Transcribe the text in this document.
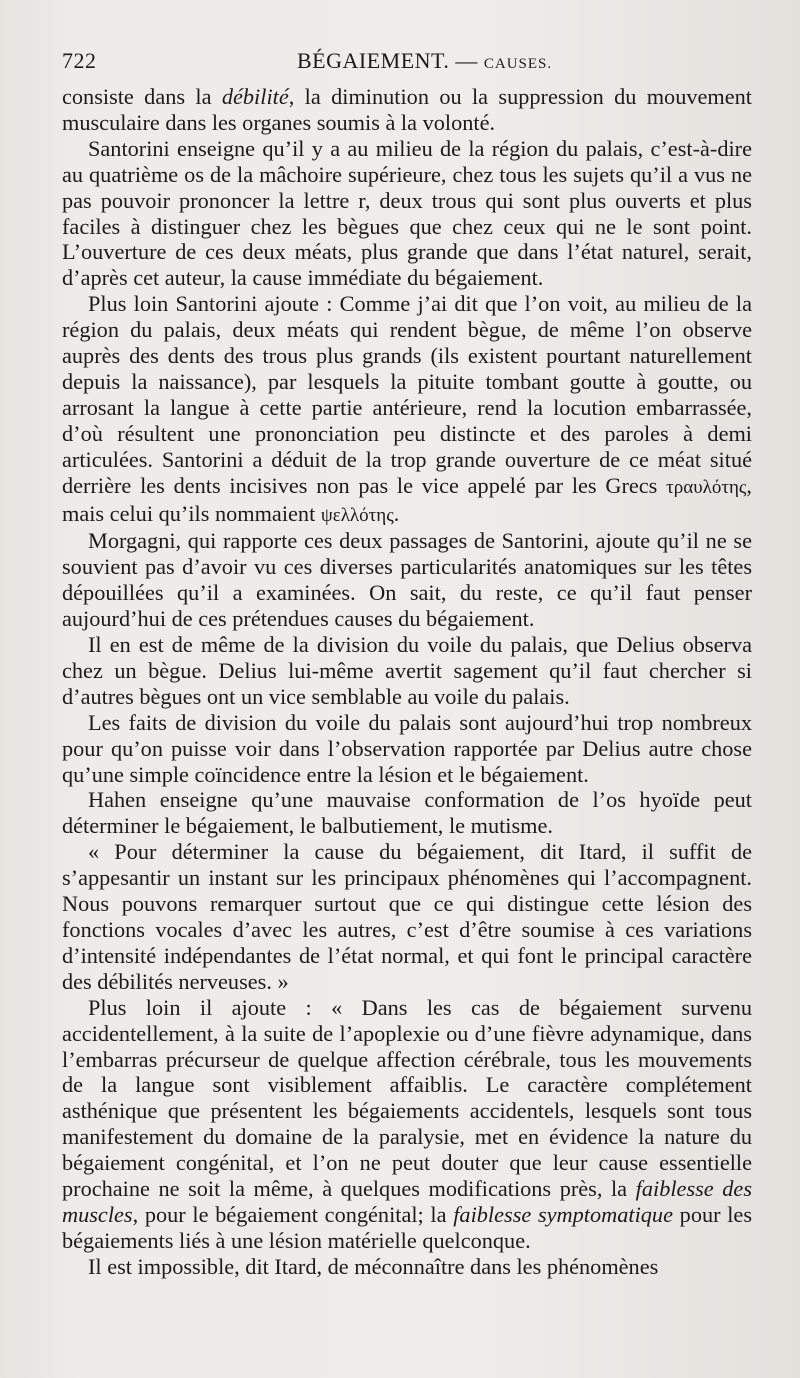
722	BÉGAIEMENT. — CAUSES.

consiste dans la débilité, la diminution ou la suppression du mouvement musculaire dans les organes soumis à la volonté.

Santorini enseigne qu’il y a au milieu de la région du palais, c’est-à-dire au quatrième os de la mâchoire supérieure, chez tous les sujets qu’il a vus ne pas pouvoir prononcer la lettre r, deux trous qui sont plus ouverts et plus faciles à distinguer chez les bègues que chez ceux qui ne le sont point. L’ouverture de ces deux méats, plus grande que dans l’état naturel, serait, d’après cet auteur, la cause immédiate du bégaiement.

Plus loin Santorini ajoute : Comme j’ai dit que l’on voit, au milieu de la région du palais, deux méats qui rendent bègue, de même l’on observe auprès des dents des trous plus grands (ils existent pourtant naturellement depuis la naissance), par lesquels la pituite tombant goutte à goutte, ou arrosant la langue à cette partie antérieure, rend la locution embarrassée, d’où résultent une prononciation peu distincte et des paroles à demi articulées. Santorini a déduit de la trop grande ouverture de ce méat situé derrière les dents incisives non pas le vice appelé par les Grecs τραυλότης, mais celui qu’ils nommaient ψελλότης.

Morgagni, qui rapporte ces deux passages de Santorini, ajoute qu’il ne se souvient pas d’avoir vu ces diverses particularités anatomiques sur les têtes dépouillées qu’il a examinées. On sait, du reste, ce qu’il faut penser aujourd’hui de ces prétendues causes du bégaiement.

Il en est de même de la division du voile du palais, que Delius observa chez un bègue. Delius lui-même avertit sagement qu’il faut chercher si d’autres bègues ont un vice semblable au voile du palais.

Les faits de division du voile du palais sont aujourd’hui trop nombreux pour qu’on puisse voir dans l’observation rapportée par Delius autre chose qu’une simple coïncidence entre la lésion et le bégaiement.

Hahen enseigne qu’une mauvaise conformation de l’os hyoïde peut déterminer le bégaiement, le balbutiement, le mutisme.

« Pour déterminer la cause du bégaiement, dit Itard, il suffit de s’appesantir un instant sur les principaux phénomènes qui l’accompagnent. Nous pouvons remarquer surtout que ce qui distingue cette lésion des fonctions vocales d’avec les autres, c’est d’être soumise à ces variations d’intensité indépendantes de l’état normal, et qui font le principal caractère des débilités nerveuses. »

Plus loin il ajoute : « Dans les cas de bégaiement survenu accidentellement, à la suite de l’apoplexie ou d’une fièvre adynamique, dans l’embarras précurseur de quelque affection cérébrale, tous les mouvements de la langue sont visiblement affaiblis. Le caractère complétement asthénique que présentent les bégaiements accidentels, lesquels sont tous manifestement du domaine de la paralysie, met en évidence la nature du bégaiement congénital, et l’on ne peut douter que leur cause essentielle prochaine ne soit la même, à quelques modifications près, la faiblesse des muscles, pour le bégaiement congénital; la faiblesse symptomatique pour les bégaiements liés à une lésion matérielle quelconque.

Il est impossible, dit Itard, de méconnaître dans les phénomènes
